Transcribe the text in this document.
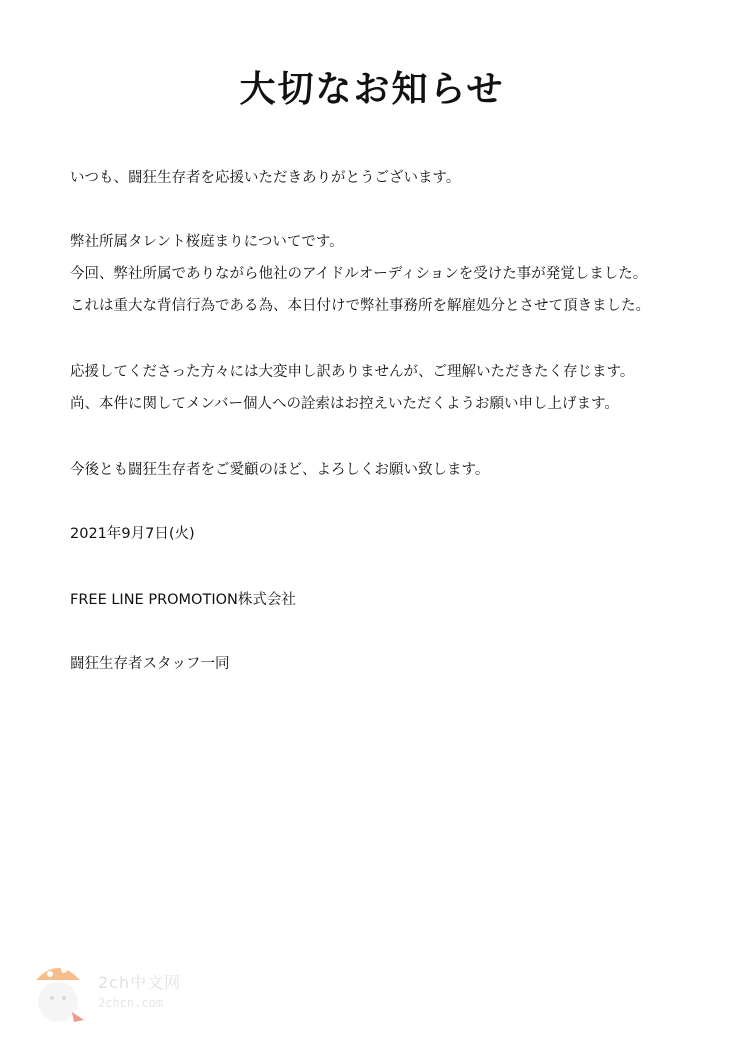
大切なお知らせ
いつも、闘狂生存者を応援いただきありがとうございます。
弊社所属タレント桜庭まりについてです。
今回、弊社所属でありながら他社のアイドルオーディションを受けた事が発覚しました。
これは重大な背信行為である為、本日付けで弊社事務所を解雇処分とさせて頂きました。
応援してくださった方々には大変申し訳ありませんが、ご理解いただきたく存じます。
尚、本件に関してメンバー個人への詮索はお控えいただくようお願い申し上げます。
今後とも闘狂生存者をご愛顧のほど、よろしくお願い致します。
2021年9月7日(火)
FREE LINE PROMOTION株式会社
闘狂生存者スタッフ一同
2ch中文网
2chcn.com
